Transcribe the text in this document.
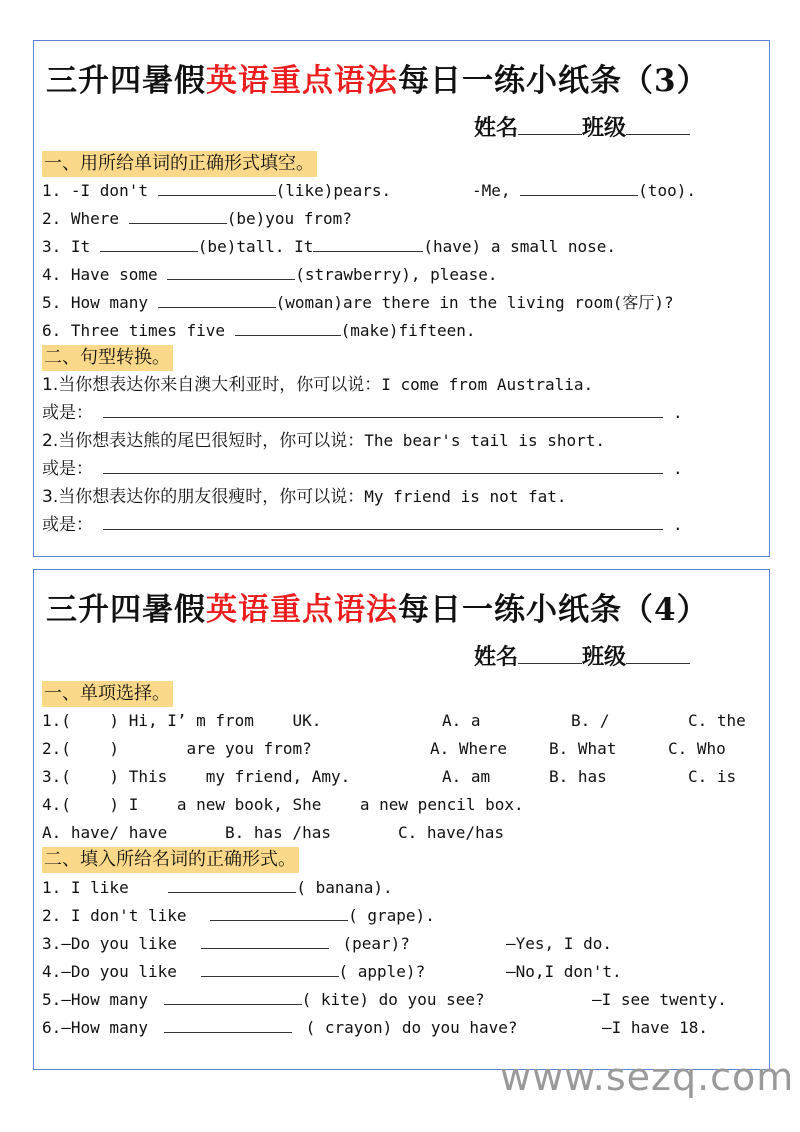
三升四暑假英语重点语法每日一练小纸条（3）
姓名	班级
一、用所给单词的正确形式填空。
1. -I don't	(like)pears.	-Me,	(too).
2. Where	(be)you from?
3. It	(be)tall. It	(have) a small nose.
4. Have some	(strawberry), please.
5. How many	(woman)are there in the living room(客厅)?
6. Three times five	(make)fifteen.
二、句型转换。
1.当你想表达你来自澳大利亚时，你可以说：I come from Australia.
或是：	.
2.当你想表达熊的尾巴很短时，你可以说：The bear's tail is short.
或是：	.
3.当你想表达你的朋友很瘦时，你可以说：My friend is not fat.
或是：	.
三升四暑假英语重点语法每日一练小纸条（4）
姓名	班级
一、单项选择。
1.(    ) Hi, I’ m from    UK.	A. a	B. /	C. the
2.(    )       are you from?	A. Where	B. What	C. Who
3.(    ) This    my friend, Amy.	A. am	B. has	C. is
4.(    ) I    a new book, She    a new pencil box.
A. have/ have	B. has /has	C. have/has
二、填入所给名词的正确形式。
1. I like	( banana).
2. I don't like	( grape).
3.—Do you like	(pear)?	—Yes, I do.
4.—Do you like	( apple)?	—No,I don't.
5.—How many	( kite) do you see?	—I see twenty.
6.—How many	( crayon) do you have?	—I have 18.
www.sezq.com
